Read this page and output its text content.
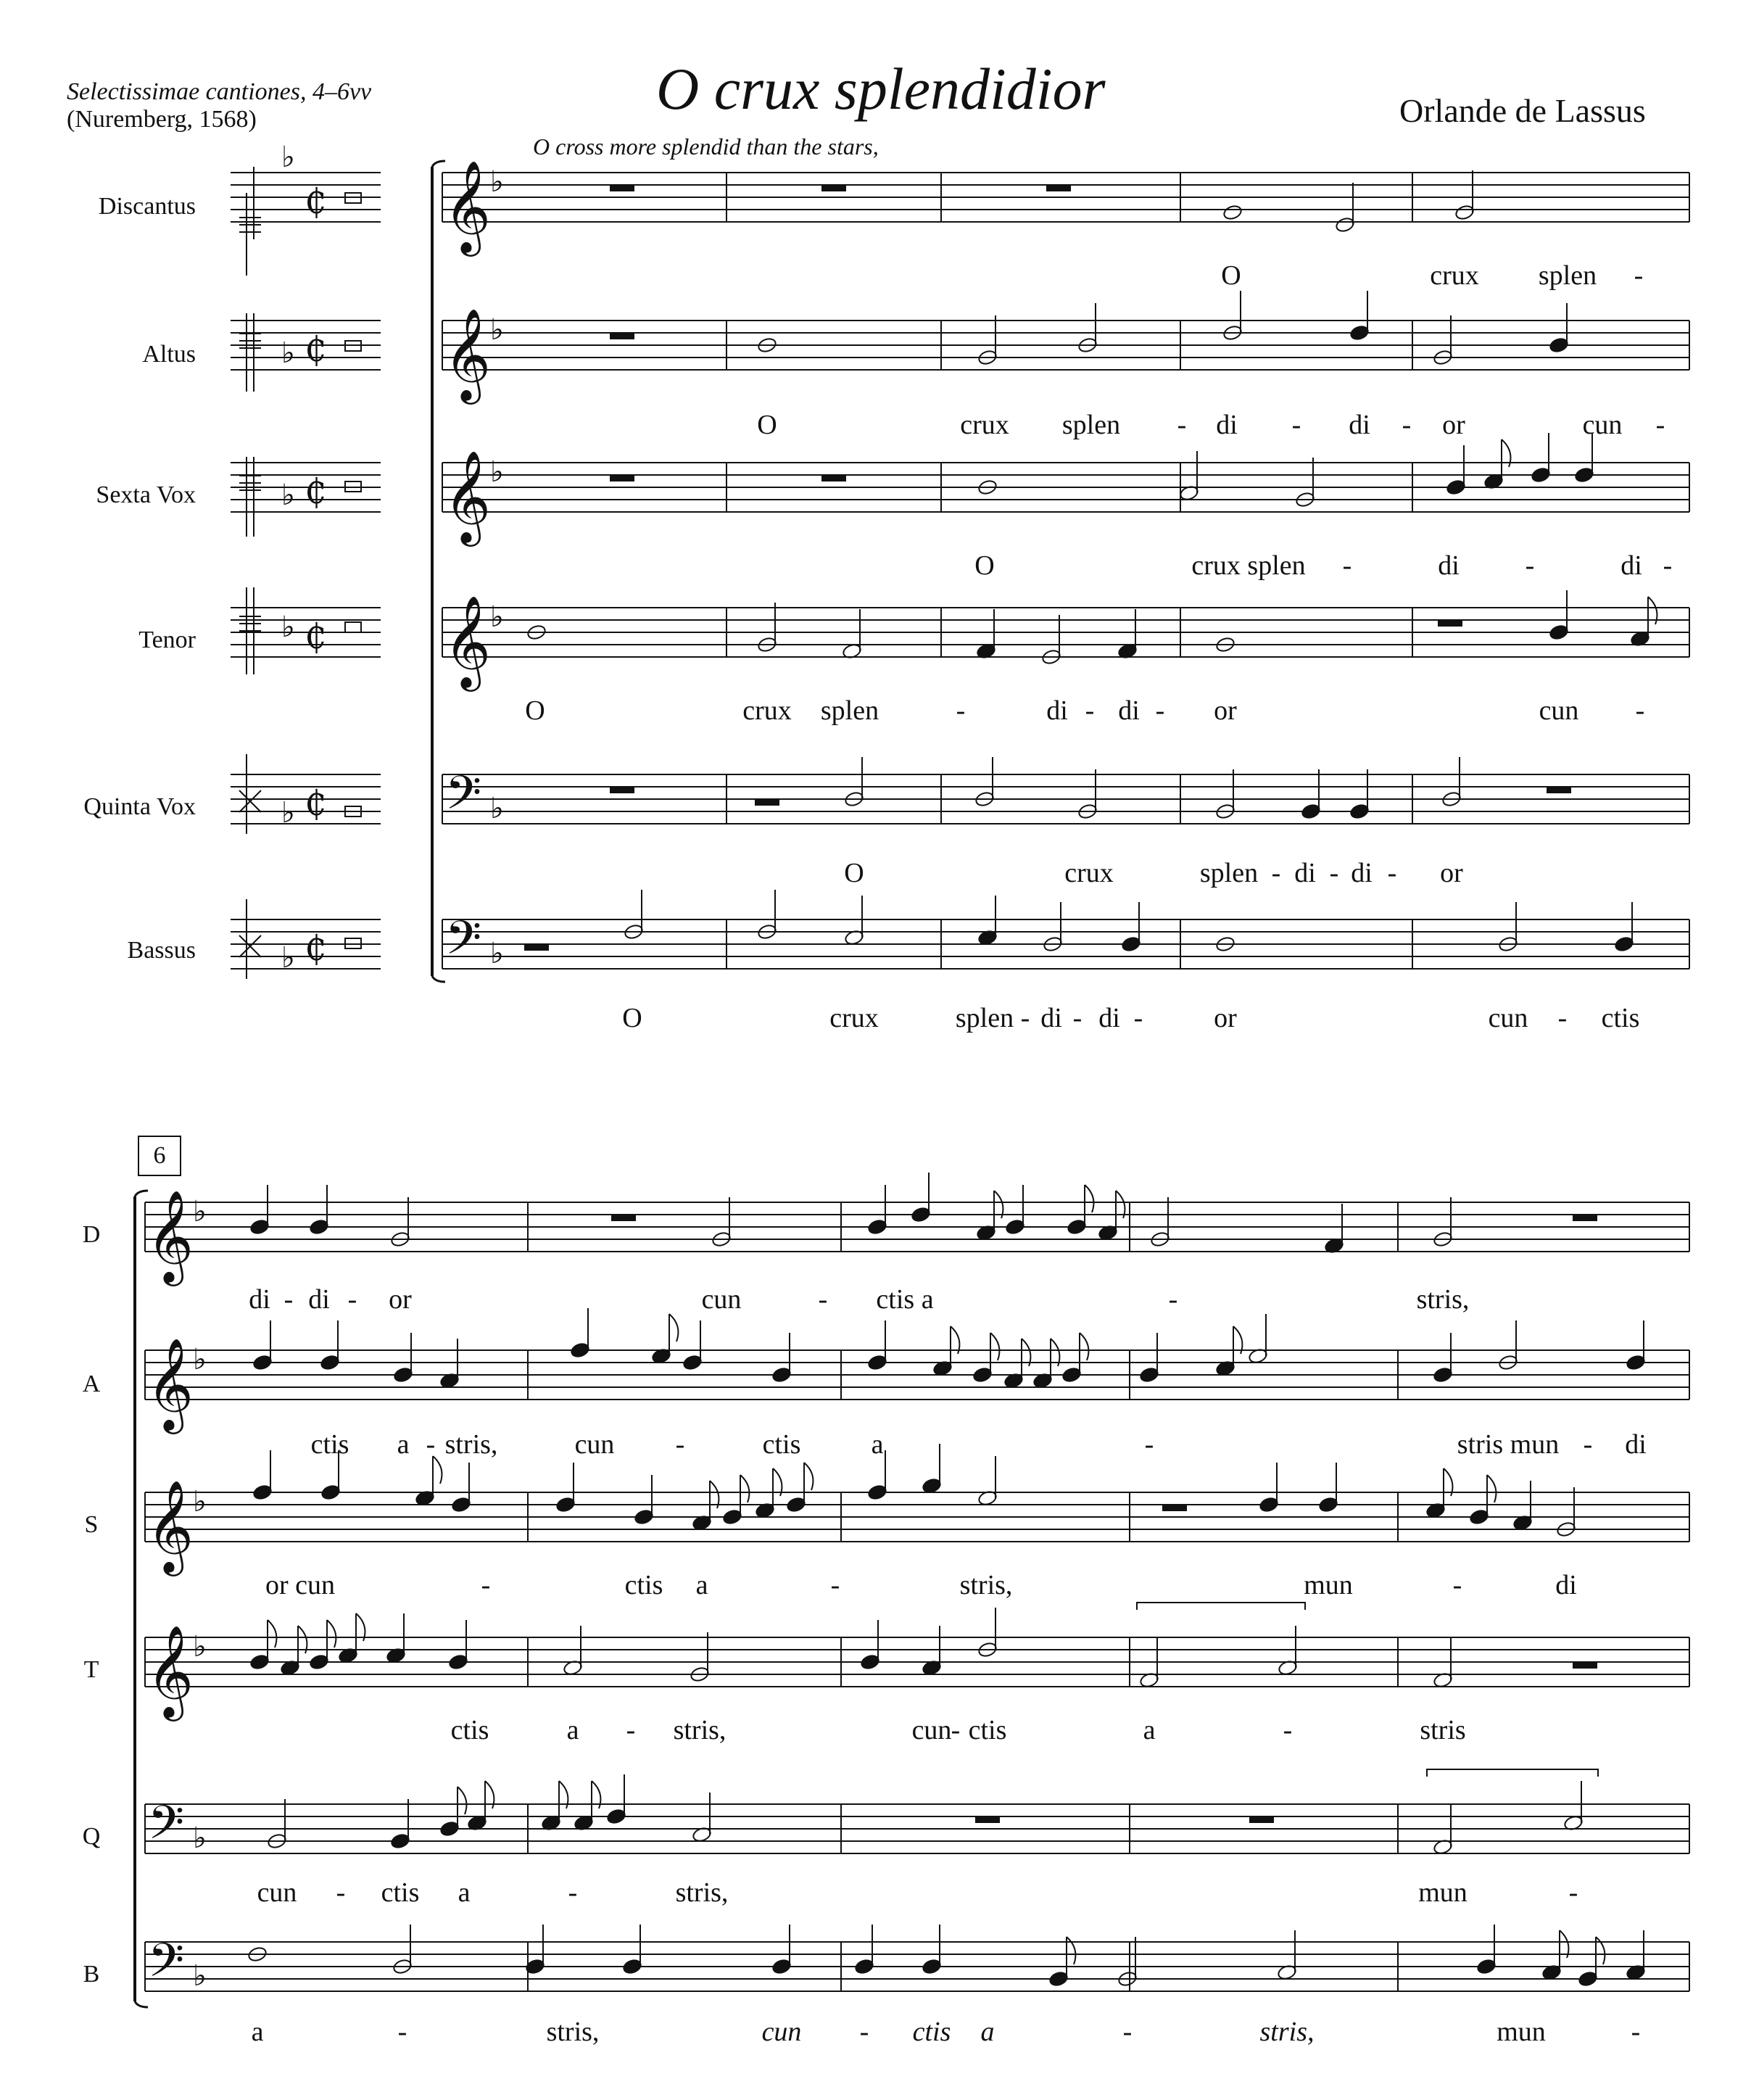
Selectissimae cantiones, 4–6vv
(Nuremberg, 1568)	O crux splendidior	Orlande de Lassus
O cross more splendid than the stars,
Discantus
Altus
Sexta Vox
Tenor
Quinta Vox
Bassus
D
A
S
T
Q
B
6
O	crux splen -
O	crux splen - di - di - or	cun -
O	crux splen -	di -	di -
O	crux splen	-	di - di - or	cun -
O	crux	splen - di - di - or
O	crux	splen - di - di -	or	cun - ctis
di - di - or	cun	- ctis a	-	stris,
ctis a - stris,	cun -	ctis	a	-	stris mun - di
or cun	-	ctis a	-	stris,	mun	-	di
ctis	a - stris,	cun - ctis	a	-	stris
cun - ctis a	-	stris,	mun	-
a	-	stris,	cun - ctis a	-	stris,	mun	-
𝄞
𝄞
𝄞
𝄞
𝄢
𝄢
𝄞
𝄞
𝄞
𝄞
𝄢
𝄢
♭
♭
♭
♭
♭
♭
♭
♭
♭
♭
♭
♭
♭
♭
♭
♭
♭
♭
₵
₵
₵
₵
₵
₵
